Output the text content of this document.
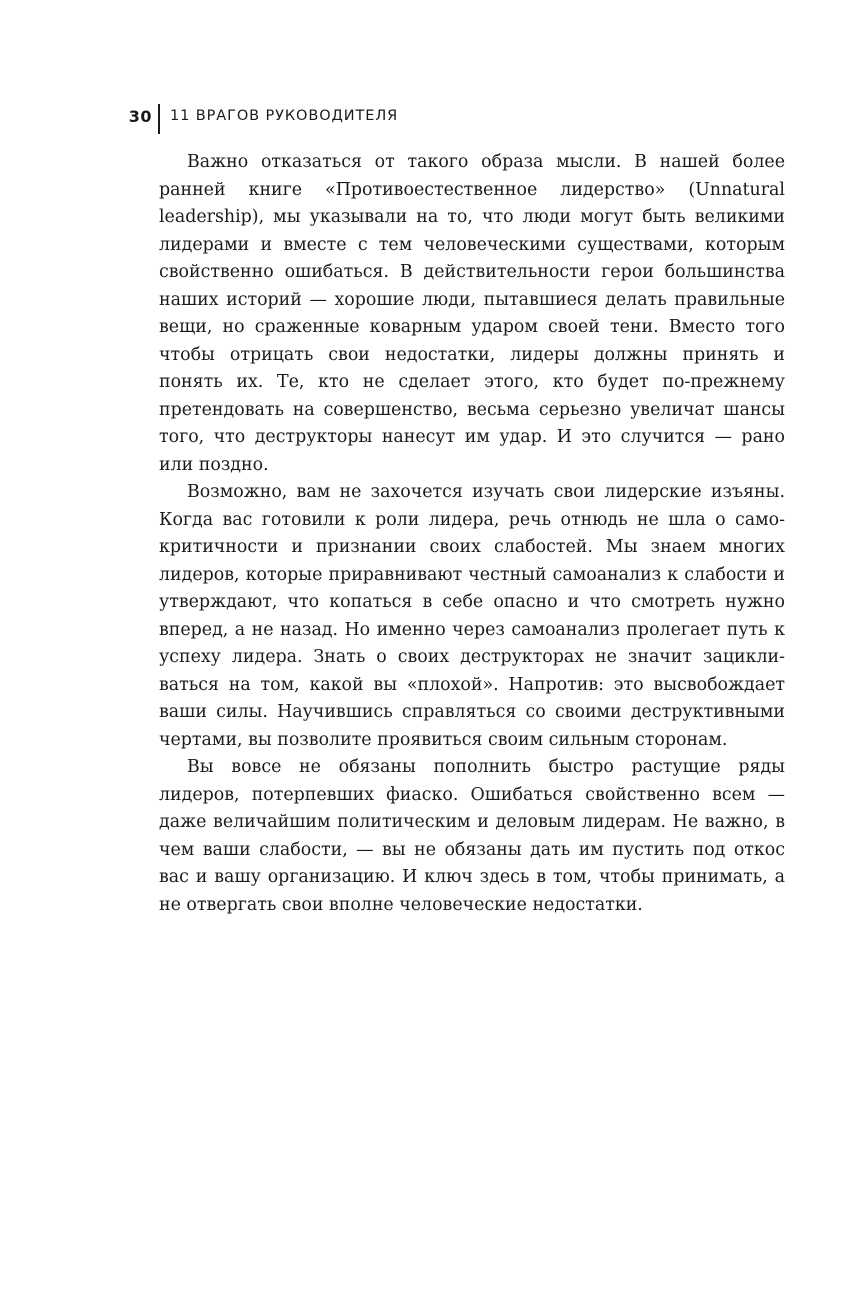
30 11 ВРАГОВ РУКОВОДИТЕЛЯ

Важно отказаться от такого образа мысли. В нашей более ранней книге «Противоестественное лидерство» (Unnatural leadership), мы указывали на то, что люди могут быть великими лидерами и вместе с тем человеческими существами, которым свойственно ошибаться. В действительности герои большинства наших историй — хорошие люди, пытавшиеся делать правильные вещи, но сраженные коварным ударом своей тени. Вместо того чтобы отрицать свои недостатки, лидеры должны принять и понять их. Те, кто не сделает этого, кто будет по-прежнему претендовать на совершенство, весьма серьезно увеличат шансы того, что деструкторы нанесут им удар. И это случится — рано или поздно.

Возможно, вам не захочется изучать свои лидерские изъяны. Когда вас готовили к роли лидера, речь отнюдь не шла о самокритичности и признании своих слабостей. Мы знаем многих лидеров, которые приравнивают честный самоанализ к слабости и утверждают, что копаться в себе опасно и что смотреть нужно вперед, а не назад. Но именно через самоанализ пролегает путь к успеху лидера. Знать о своих деструкторах не значит зацикливаться на том, какой вы «плохой». Напротив: это высвобождает ваши силы. Научившись справляться со своими деструктивными чертами, вы позволите проявиться своим сильным сторонам.

Вы вовсе не обязаны пополнить быстро растущие ряды лидеров, потерпевших фиаско. Ошибаться свойственно всем — даже величайшим политическим и деловым лидерам. Не важно, в чем ваши слабости, — вы не обязаны дать им пустить под откос вас и вашу организацию. И ключ здесь в том, чтобы принимать, а не отвергать свои вполне человеческие недостатки.
